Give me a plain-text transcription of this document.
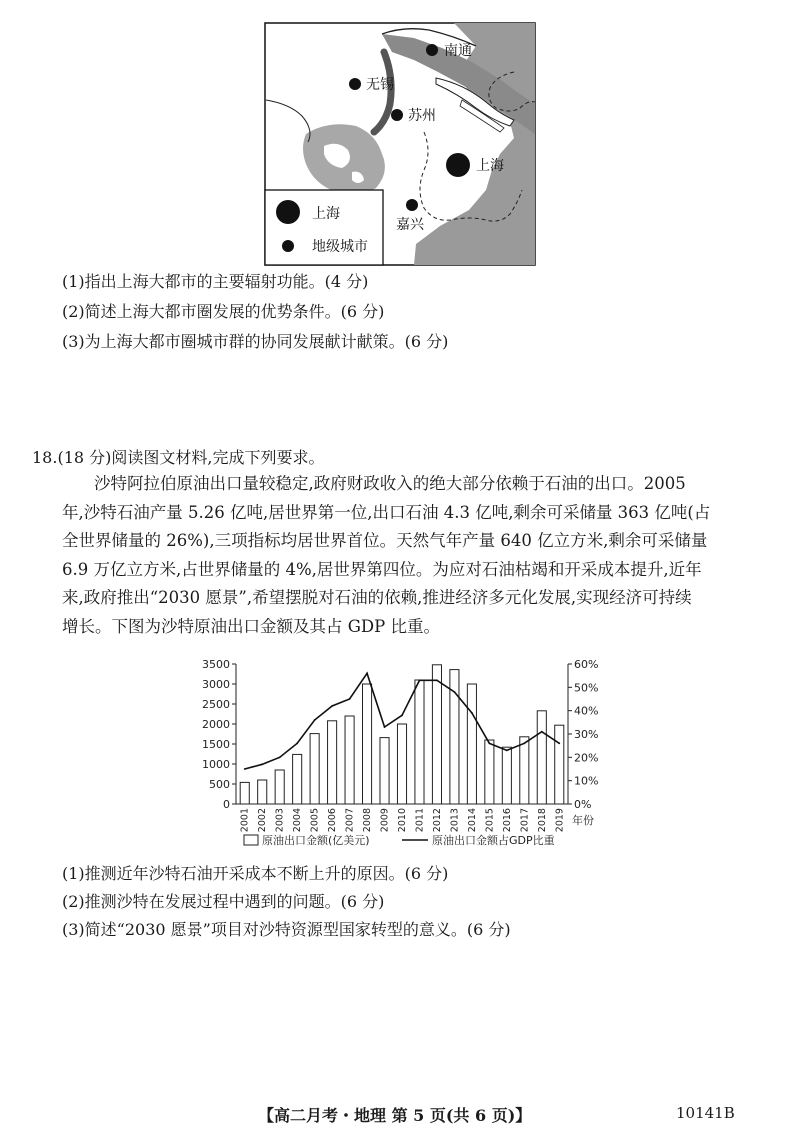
南通
无锡
苏州
上海
嘉兴
上海
地级城市
(1)指出上海大都市的主要辐射功能。(4 分)
(2)简述上海大都市圈发展的优势条件。(6 分)
(3)为上海大都市圈城市群的协同发展献计献策。(6 分)
18.(18 分)阅读图文材料,完成下列要求。
沙特阿拉伯原油出口量较稳定,政府财政收入的绝大部分依赖于石油的出口。2005
年,沙特石油产量 5.26 亿吨,居世界第一位,出口石油 4.3 亿吨,剩余可采储量 363 亿吨(占
全世界储量的 26%),三项指标均居世界首位。天然气年产量 640 亿立方米,剩余可采储量
6.9 万亿立方米,占世界储量的 4%,居世界第四位。为应对石油枯竭和开采成本提升,近年
来,政府推出“2030 愿景”,希望摆脱对石油的依赖,推进经济多元化发展,实现经济可持续
增长。下图为沙特原油出口金额及其占 GDP 比重。
3500
3000
2500
2000
1500
1000
500
0
60%
50%
40%
30%
20%
10%
0%
2001 2002 2003 2004 2005 2006 2007 2008 2009 2010 2011 2012 2013 2014 2015 2016 2017 2018 2019 年份
原油出口金额(亿美元)	原油出口金额占GDP比重
(1)推测近年沙特石油开采成本不断上升的原因。(6 分)
(2)推测沙特在发展过程中遇到的问题。(6 分)
(3)简述“2030 愿景”项目对沙特资源型国家转型的意义。(6 分)
【高二月考・地理 第 5 页(共 6 页)】	10141B
